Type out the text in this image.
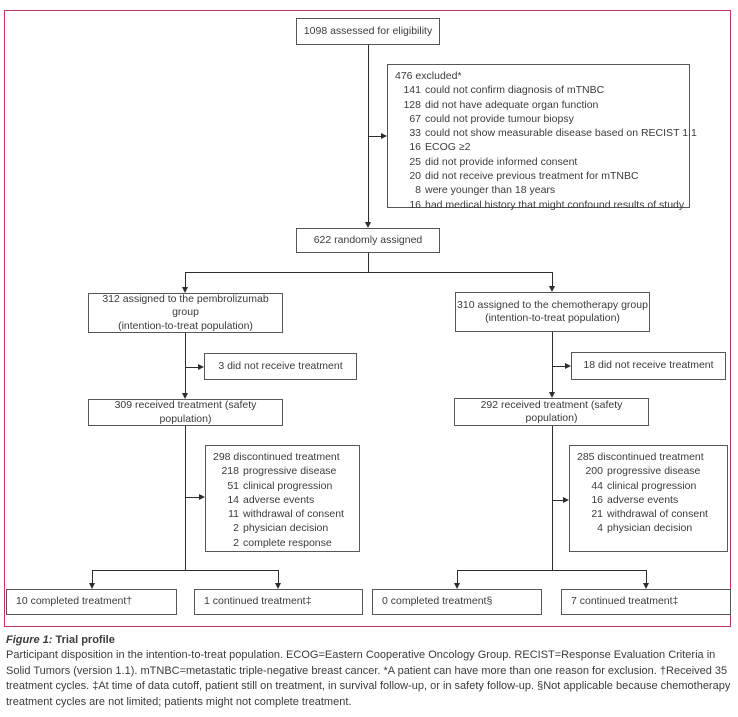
1098 assessed for eligibility
476 excluded*
141 could not confirm diagnosis of mTNBC
128 did not have adequate organ function
67 could not provide tumour biopsy
33 could not show measurable disease based on RECIST 1.1
16 ECOG ≥2
25 did not provide informed consent
20 did not receive previous treatment for mTNBC
8 were younger than 18 years
16 had medical history that might confound results of study
622 randomly assigned
312 assigned to the pembrolizumab group
(intention-to-treat population)
310 assigned to the chemotherapy group
(intention-to-treat population)
3 did not receive treatment	18 did not receive treatment
309 received treatment (safety population)
292 received treatment (safety population)
298 discontinued treatment
218 progressive disease
51 clinical progression
14 adverse events
11 withdrawal of consent
2 physician decision
2 complete response
285 discontinued treatment
200 progressive disease
44 clinical progression
16 adverse events
21 withdrawal of consent
4 physician decision
10 completed treatment†	1 continued treatment‡	0 completed treatment§	7 continued treatment‡
Figure 1: Trial profile
Participant disposition in the intention-to-treat population. ECOG=Eastern Cooperative Oncology Group. RECIST=Response Evaluation Criteria in Solid Tumors (version 1.1). mTNBC=metastatic triple-negative breast cancer. *A patient can have more than one reason for exclusion. †Received 35 treatment cycles. ‡At time of data cutoff, patient still on treatment, in survival follow-up, or in safety follow-up. §Not applicable because chemotherapy treatment cycles are not limited; patients might not complete treatment.
